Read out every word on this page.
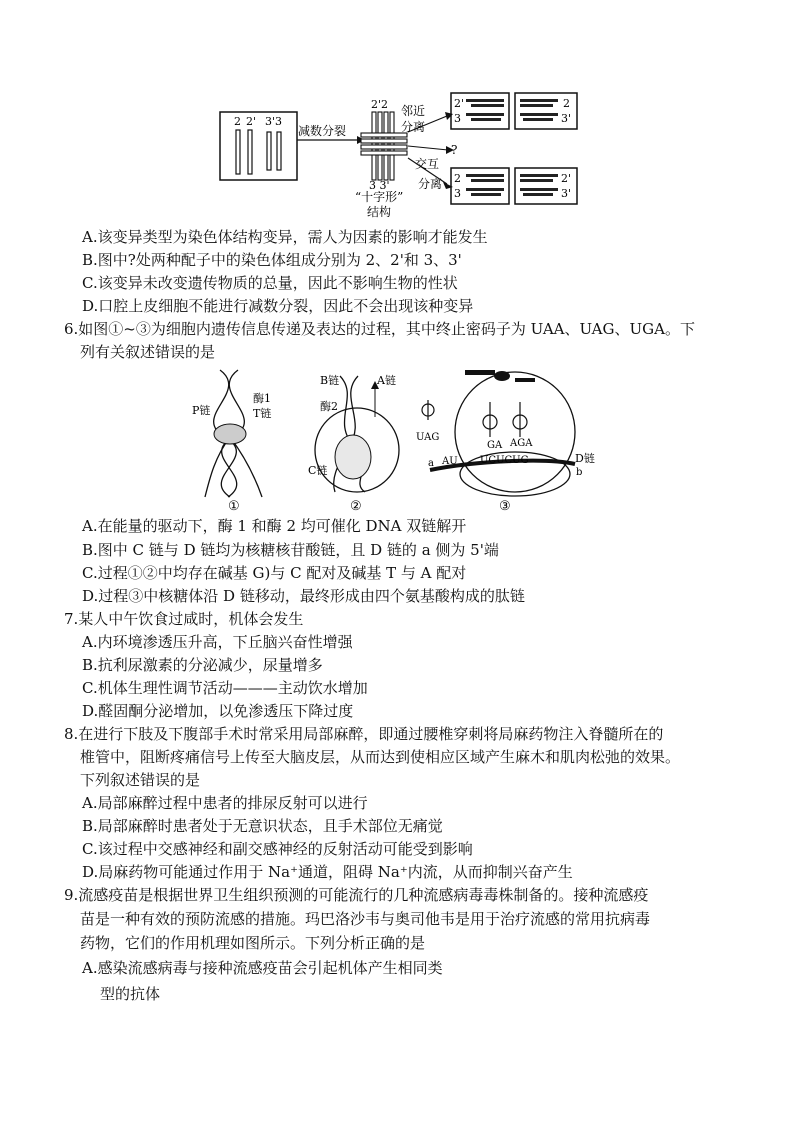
2 2' 3'3
减数分裂
2'2
3 3'
“十字形”
结构
邻近
分离
交互
?
分离
2'
3
2
3'
2
3
2'
3'
A.该变异类型为染色体结构变异，需人为因素的影响才能发生
B.图中?处两种配子中的染色体组成分别为 2、2'和 3、3'
C.该变异未改变遗传物质的总量，因此不影响生物的性状
D.口腔上皮细胞不能进行减数分裂，因此不会出现该种变异
6.如图①~③为细胞内遗传信息传递及表达的过程，其中终止密码子为 UAA、UAG、UGA。下
列有关叙述错误的是
P链
酶1
T链
①
B链	A链
酶2
C链
②
UAG
GA AGA
AU UCUCUG	D链
a
b
③
A.在能量的驱动下，酶 1 和酶 2 均可催化 DNA 双链解开
B.图中 C 链与 D 链均为核糖核苷酸链，且 D 链的 a 侧为 5'端
C.过程①②中均存在碱基 G)与 C 配对及碱基 T 与 A 配对
D.过程③中核糖体沿 D 链移动，最终形成由四个氨基酸构成的肽链
7.某人中午饮食过咸时，机体会发生
A.内环境渗透压升高，下丘脑兴奋性增强
B.抗利尿激素的分泌减少，尿量增多
C.机体生理性调节活动———主动饮水增加
D.醛固酮分泌增加，以免渗透压下降过度
8.在进行下肢及下腹部手术时常采用局部麻醉，即通过腰椎穿刺将局麻药物注入脊髓所在的
椎管中，阻断疼痛信号上传至大脑皮层，从而达到使相应区域产生麻木和肌肉松弛的效果。
下列叙述错误的是
A.局部麻醉过程中患者的排尿反射可以进行
B.局部麻醉时患者处于无意识状态，且手术部位无痛觉
C.该过程中交感神经和副交感神经的反射活动可能受到影响
D.局麻药物可能通过作用于 Na⁺通道，阻碍 Na⁺内流，从而抑制兴奋产生
9.流感疫苗是根据世界卫生组织预测的可能流行的几种流感病毒毒株制备的。接种流感疫
苗是一种有效的预防流感的措施。玛巴洛沙韦与奥司他韦是用于治疗流感的常用抗病毒
药物，它们的作用机理如图所示。下列分析正确的是
A.感染流感病毒与接种流感疫苗会引起机体产生相同类
型的抗体
